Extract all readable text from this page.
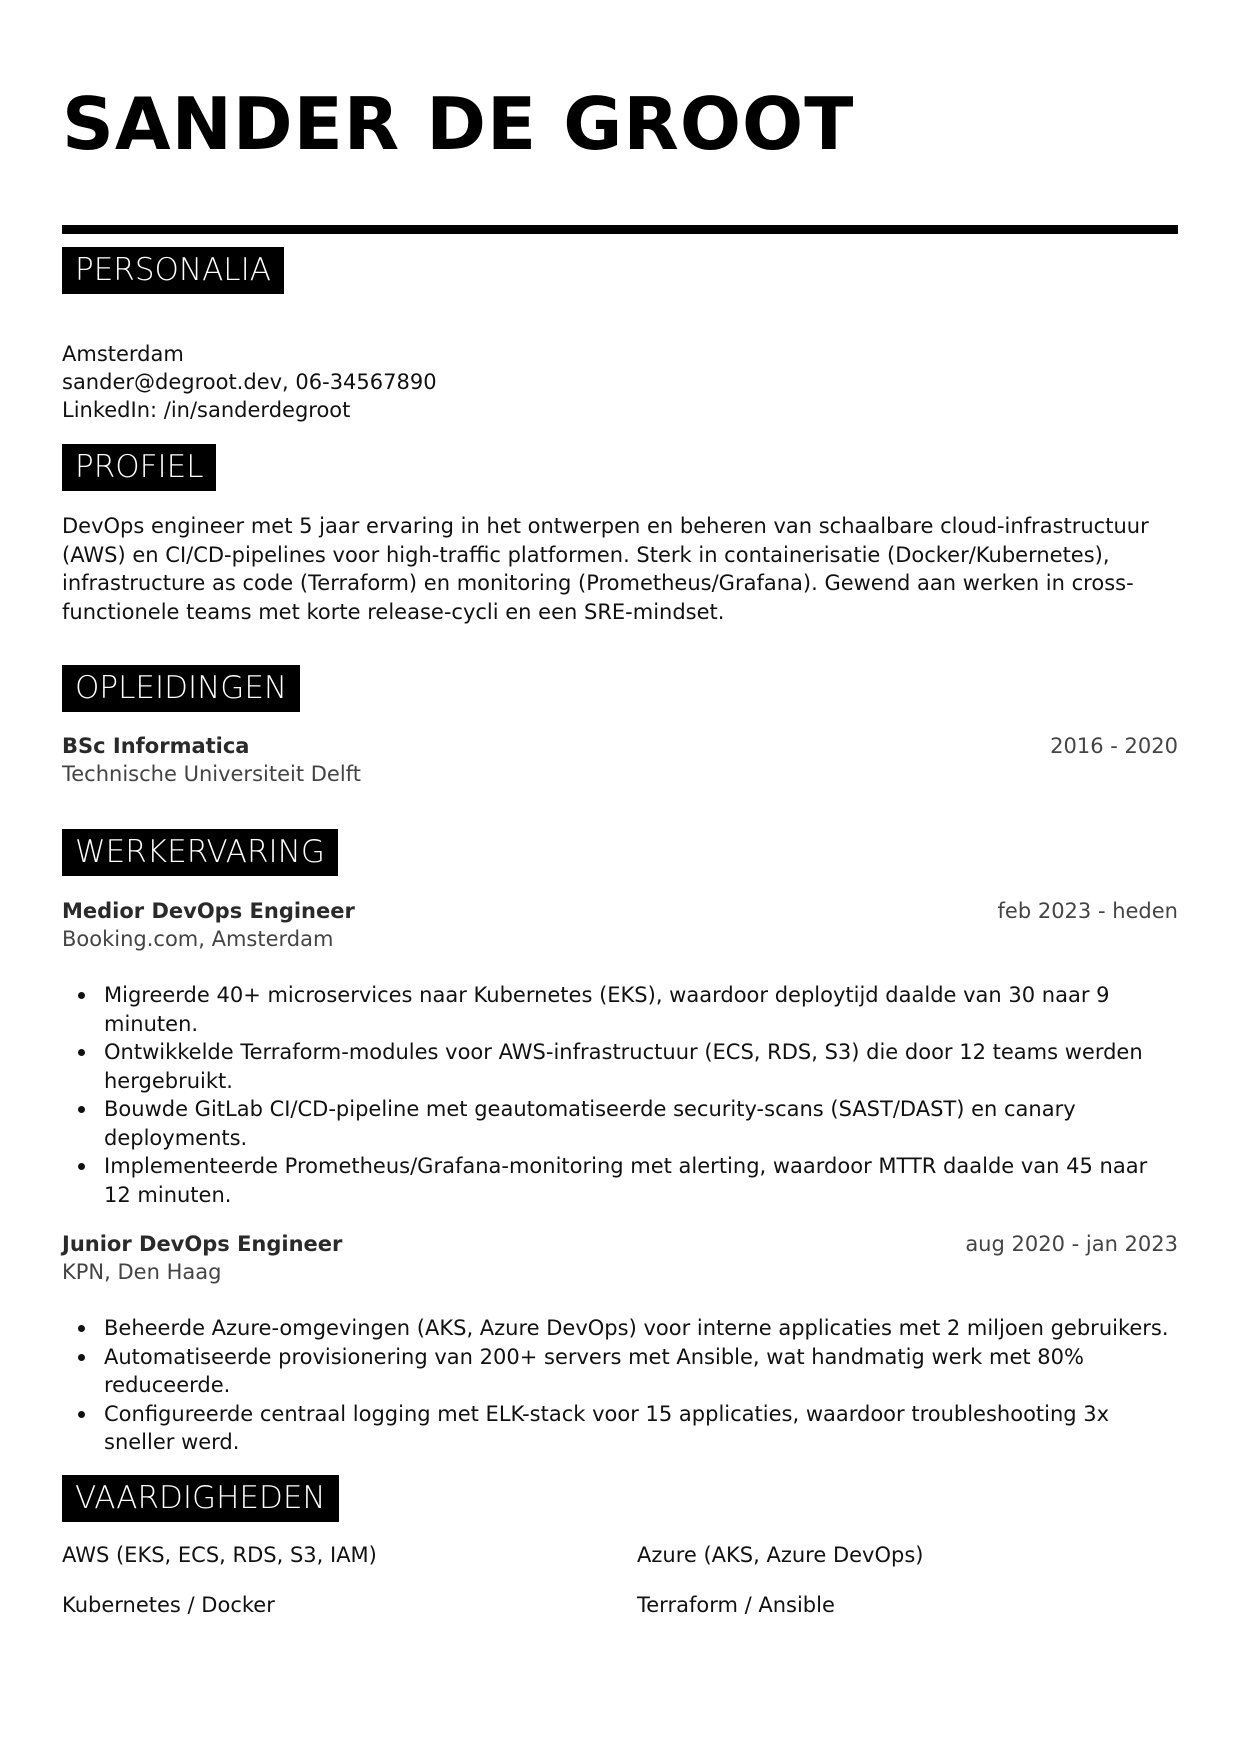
SANDER DE GROOT
PERSONALIA
Amsterdam
sander@degroot.dev, 06-34567890
LinkedIn: /in/sanderdegroot
PROFIEL
DevOps engineer met 5 jaar ervaring in het ontwerpen en beheren van schaalbare cloud-infrastructuur (AWS) en CI/CD-pipelines voor high-traffic platformen. Sterk in containerisatie (Docker/Kubernetes), infrastructure as code (Terraform) en monitoring (Prometheus/Grafana). Gewend aan werken in cross-functionele teams met korte release-cycli en een SRE-mindset.
OPLEIDINGEN
BSc Informatica	2016 - 2020
Technische Universiteit Delft
WERKERVARING
Medior DevOps Engineer	feb 2023 - heden
Booking.com, Amsterdam
Migreerde 40+ microservices naar Kubernetes (EKS), waardoor deploytijd daalde van 30 naar 9 minuten.
Ontwikkelde Terraform-modules voor AWS-infrastructuur (ECS, RDS, S3) die door 12 teams werden hergebruikt.
Bouwde GitLab CI/CD-pipeline met geautomatiseerde security-scans (SAST/DAST) en canary deployments.
Implementeerde Prometheus/Grafana-monitoring met alerting, waardoor MTTR daalde van 45 naar 12 minuten.
Junior DevOps Engineer	aug 2020 - jan 2023
KPN, Den Haag
Beheerde Azure-omgevingen (AKS, Azure DevOps) voor interne applicaties met 2 miljoen gebruikers.
Automatiseerde provisionering van 200+ servers met Ansible, wat handmatig werk met 80% reduceerde.
Configureerde centraal logging met ELK-stack voor 15 applicaties, waardoor troubleshooting 3x sneller werd.
VAARDIGHEDEN
AWS (EKS, ECS, RDS, S3, IAM)	Azure (AKS, Azure DevOps)
Kubernetes / Docker	Terraform / Ansible
